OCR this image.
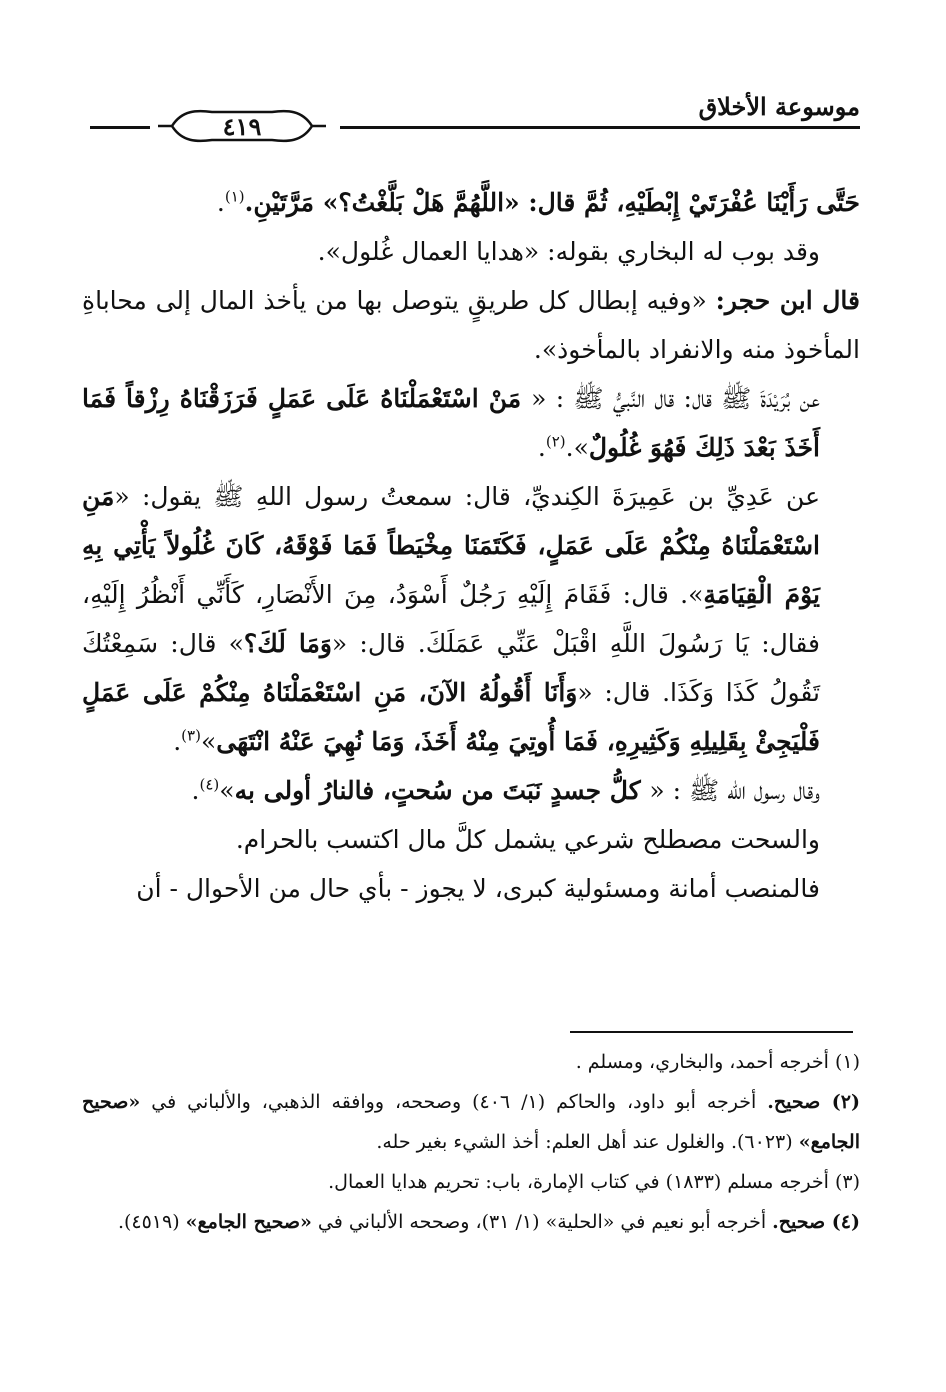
موسوعة الأخلاق
٤١٩

حَتَّى رَأَيْنَا عُفْرَتَيْ إِبْطَيْهِ، ثُمَّ قال: «اللَّهُمَّ هَلْ بَلَّغْتُ؟» مَرَّتَيْنِ.$^{(١)}$.

وقد بوب له البخاري بقوله: «هدايا العمال غُلول».

قال ابن حجر: «وفيه إبطال كل طريقٍ يتوصل بها من يأخذ المال إلى محاباةِ المأخوذ منه والانفراد بالمأخوذ».

عن بُرَيْدَةَ ﷺ قال: قال النَّبيُّ ﷺ : « مَنْ اسْتَعْمَلْنَاهُ عَلَى عَمَلٍ فَرَزَقْنَاهُ رِزْقاً فَمَا أَخَذَ بَعْدَ ذَلِكَ فَهُوَ غُلُولٌ».$^{(٢)}$.

عن عَدِيِّ بن عَمِيرَةَ الكِنديِّ، قال: سمعتُ رسول اللهِ ﷺ يقول: «مَنِ اسْتَعْمَلْنَاهُ مِنْكُمْ عَلَى عَمَلٍ، فَكَتَمَنَا مِخْيَطاً فَمَا فَوْقَهُ، كَانَ غُلُولاً يَأْتِي بِهِ يَوْمَ الْقِيَامَةِ». قال: فَقَامَ إِلَيْهِ رَجُلٌ أَسْوَدُ، مِنَ الأَنْصَارِ، كَأَنِّي أَنْظُرُ إِلَيْهِ، فقال: يَا رَسُولَ اللَّهِ اقْبَلْ عَنِّي عَمَلَكَ. قال: «وَمَا لَكَ؟» قال: سَمِعْتُكَ تَقُولُ كَذَا وَكَذَا. قال: «وَأَنَا أَقُولُهُ الآنَ، مَنِ اسْتَعْمَلْنَاهُ مِنْكُمْ عَلَى عَمَلٍ فَلْيَجِئْ بِقَلِيلِهِ وَكَثِيرِهِ، فَمَا أُوتِيَ مِنْهُ أَخَذَ، وَمَا نُهِيَ عَنْهُ انْتَهَى»$^{(٣)}$.

وقال رسول اللّه ﷺ : « كلُّ جسدٍ نَبَتَ من سُحتٍ، فالنارُ أولى به»$^{(٤)}$.

والسحت مصطلح شرعي يشمل كلَّ مال اكتسب بالحرام.

فالمنصب أمانة ومسئولية كبرى، لا يجوز - بأي حال من الأحوال - أن

(١) أخرجه أحمد، والبخاري، ومسلم .

(٢) صحيح. أخرجه أبو داود، والحاكم (١/ ٤٠٦) وصححه، ووافقه الذهبي، والألباني في «صحيح الجامع» (٦٠٢٣). والغلول عند أهل العلم: أخذ الشيء بغير حله.

(٣) أخرجه مسلم (١٨٣٣) في كتاب الإمارة، باب: تحريم هدايا العمال.

(٤) صحيح. أخرجه أبو نعيم في «الحلية» (١/ ٣١)، وصححه الألباني في «صحيح الجامع» (٤٥١٩).
